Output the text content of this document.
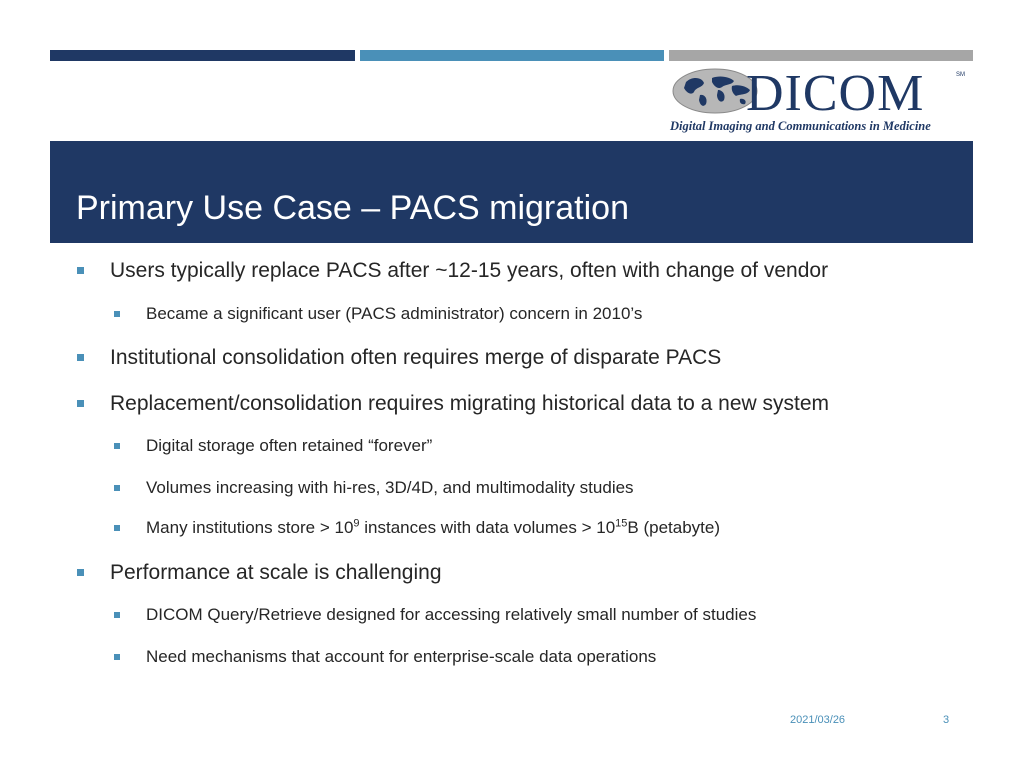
DICOM	SM
Digital Imaging and Communications in Medicine
Primary Use Case – PACS migration
Users typically replace PACS after ~12-15 years, often with change of vendor
Became a significant user (PACS administrator) concern in 2010’s
Institutional consolidation often requires merge of disparate PACS
Replacement/consolidation requires migrating historical data to a new system
Digital storage often retained “forever”
Volumes increasing with hi-res, 3D/4D, and multimodality studies
Many institutions store > $10^9$ instances with data volumes > $10^{15}B$ (petabyte)
Performance at scale is challenging
DICOM Query/Retrieve designed for accessing relatively small number of studies
Need mechanisms that account for enterprise-scale data operations
2021/03/26	3
